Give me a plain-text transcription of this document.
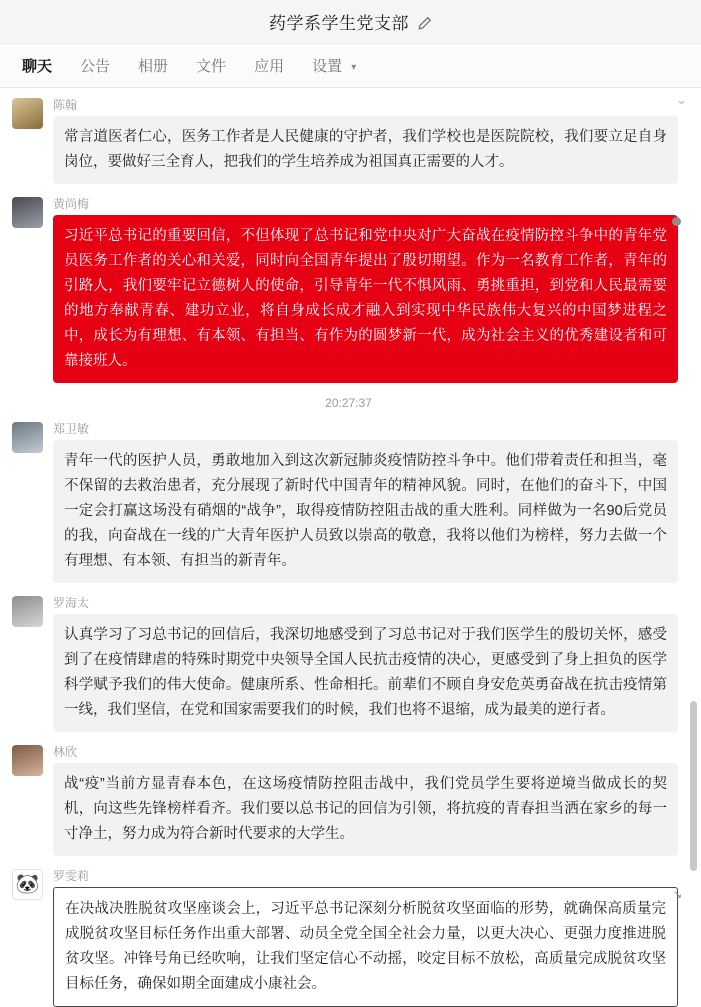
药学系学生党支部
聊天	公告	相册	文件	应用	设置 ▾
⌄
陈翰
常言道医者仁心，医务工作者是人民健康的守护者，我们学校也是医院院校，我们要立足自身岗位，要做好三全育人，把我们的学生培养成为祖国真正需要的人才。
黄尚梅
习近平总书记的重要回信，不但体现了总书记和党中央对广大奋战在疫情防控斗争中的青年党员医务工作者的关心和关爱，同时向全国青年提出了殷切期望。作为一名教育工作者，青年的引路人，我们要牢记立德树人的使命，引导青年一代不惧风雨、勇挑重担，到党和人民最需要的地方奉献青春、建功立业，将自身成长成才融入到实现中华民族伟大复兴的中国梦进程之中，成长为有理想、有本领、有担当、有作为的圆梦新一代，成为社会主义的优秀建设者和可靠接班人。
20:27:37
郑卫敏
青年一代的医护人员，勇敢地加入到这次新冠肺炎疫情防控斗争中。他们带着责任和担当，毫不保留的去救治患者，充分展现了新时代中国青年的精神风貌。同时，在他们的奋斗下，中国一定会打赢这场没有硝烟的“战争”，取得疫情防控阻击战的重大胜利。同样做为一名90后党员的我，向奋战在一线的广大青年医护人员致以崇高的敬意，我将以他们为榜样，努力去做一个有理想、有本领、有担当的新青年。
罗海太
认真学习了习总书记的回信后，我深切地感受到了习总书记对于我们医学生的殷切关怀，感受到了在疫情肆虐的特殊时期党中央领导全国人民抗击疫情的决心，更感受到了身上担负的医学科学赋予我们的伟大使命。健康所系、性命相托。前辈们不顾自身安危英勇奋战在抗击疫情第一线，我们坚信，在党和国家需要我们的时候，我们也将不退缩，成为最美的逆行者。
林欣
战“疫”当前方显青春本色，在这场疫情防控阻击战中，我们党员学生要将逆境当做成长的契机，向这些先锋榜样看齐。我们要以总书记的回信为引领，将抗疫的青春担当洒在家乡的每一寸净土，努力成为符合新时代要求的大学生。
🐼 罗雯莉
在决战决胜脱贫攻坚座谈会上，习近平总书记深刻分析脱贫攻坚面临的形势，就确保高质量完成脱贫攻坚目标任务作出重大部署、动员全党全国全社会力量，以更大决心、更强力度推进脱贫攻坚。冲锋号角已经吹响，让我们坚定信心不动摇，咬定目标不放松，高质量完成脱贫攻坚目标任务，确保如期全面建成小康社会。
↘
